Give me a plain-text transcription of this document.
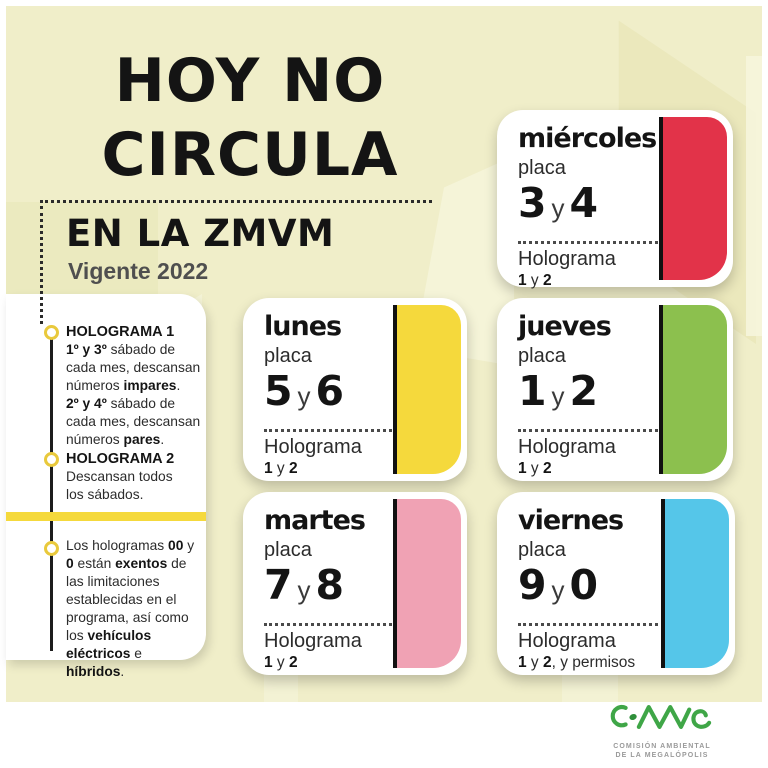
HOY NO
CIRCULA
EN LA ZMVM
Vigente 2022
HOLOGRAMA 1
1º y 3º sábado de
cada mes, descansan
números impares.
2º y 4º sábado de
cada mes, descansan
números pares.
HOLOGRAMA 2
Descansan todos
los sábados.
Los hologramas 00 y
0 están exentos de
las limitaciones
establecidas en el
programa, así como
los vehículos
eléctricos e
híbridos.
miércoles
placa
3 y 4
Holograma
1 y 2
lunes
placa
5 y 6
Holograma
1 y 2
jueves
placa
1 y 2
Holograma
1 y 2
martes
placa
7 y 8
Holograma
1 y 2
viernes
placa
9 y 0
Holograma
1 y 2, y permisos
COMISIÓN AMBIENTAL
DE LA MEGALÓPOLIS
